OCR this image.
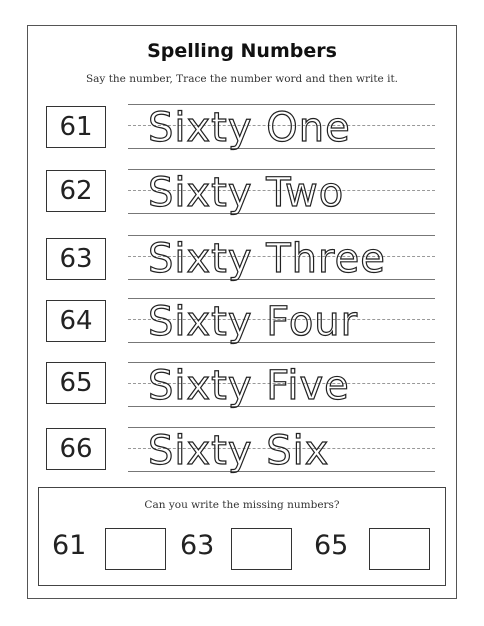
Spelling Numbers
Say the number, Trace the number word and then write it.
61	Sixty One
62	Sixty Two
63	Sixty Three
64	Sixty Four
65	Sixty Five
66	Sixty Six
Can you write the missing numbers?
61	63	65
